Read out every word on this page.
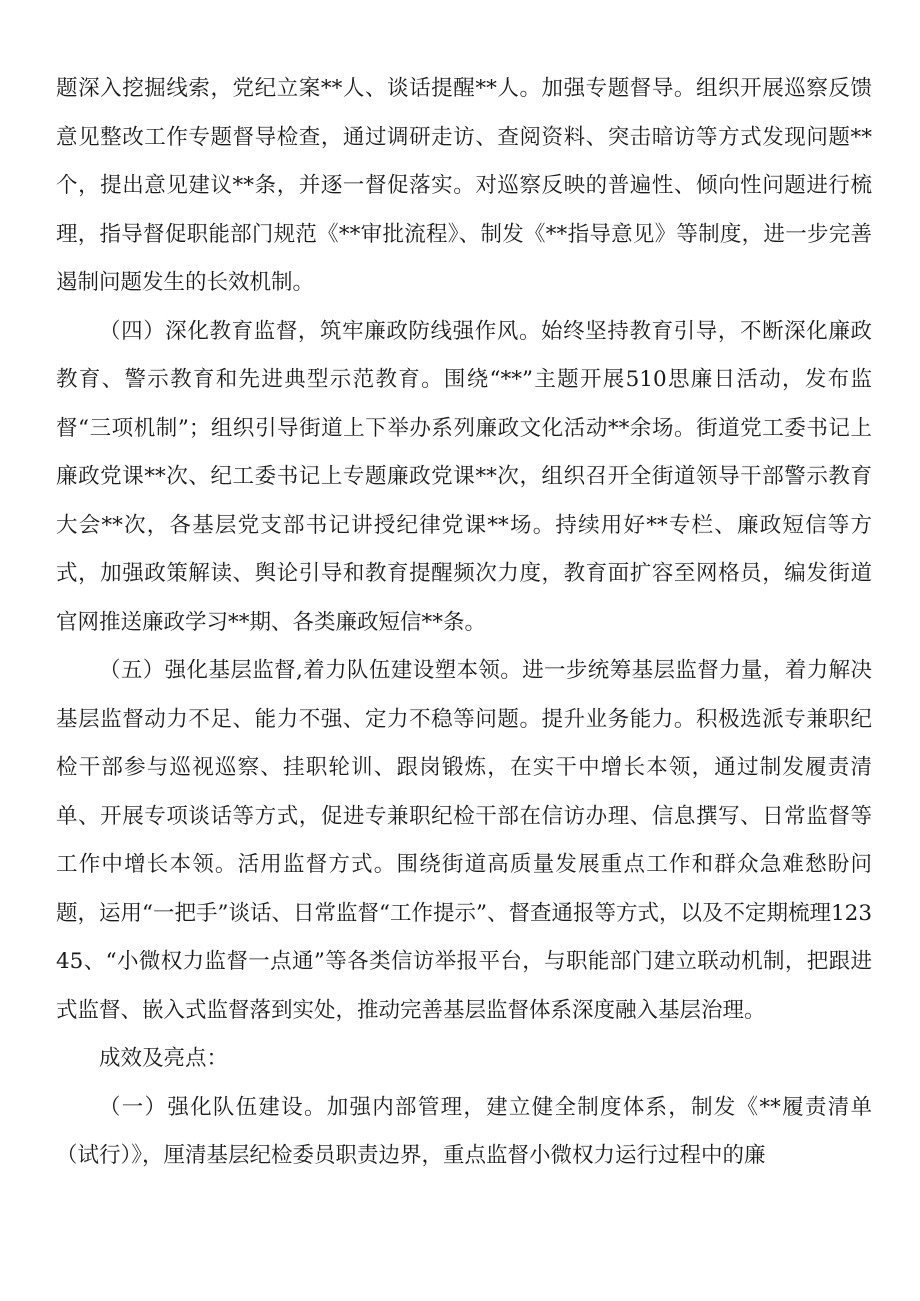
题深入挖掘线索，党纪立案**人、谈话提醒**人。加强专题督导。组织开展巡察反馈意见整改工作专题督导检查，通过调研走访、查阅资料、突击暗访等方式发现问题**个，提出意见建议**条，并逐一督促落实。对巡察反映的普遍性、倾向性问题进行梳理，指导督促职能部门规范《**审批流程》、制发《**指导意见》等制度，进一步完善遏制问题发生的长效机制。

（四）深化教育监督，筑牢廉政防线强作风。始终坚持教育引导，不断深化廉政教育、警示教育和先进典型示范教育。围绕“**”主题开展510思廉日活动，发布监督“三项机制”；组织引导街道上下举办系列廉政文化活动**余场。街道党工委书记上廉政党课**次、纪工委书记上专题廉政党课**次，组织召开全街道领导干部警示教育大会**次，各基层党支部书记讲授纪律党课**场。持续用好**专栏、廉政短信等方式，加强政策解读、舆论引导和教育提醒频次力度，教育面扩容至网格员，编发街道官网推送廉政学习**期、各类廉政短信**条。

（五）强化基层监督,着力队伍建设塑本领。进一步统筹基层监督力量，着力解决基层监督动力不足、能力不强、定力不稳等问题。提升业务能力。积极选派专兼职纪检干部参与巡视巡察、挂职轮训、跟岗锻炼，在实干中增长本领，通过制发履责清单、开展专项谈话等方式，促进专兼职纪检干部在信访办理、信息撰写、日常监督等工作中增长本领。活用监督方式。围绕街道高质量发展重点工作和群众急难愁盼问题，运用“一把手”谈话、日常监督“工作提示”、督查通报等方式，以及不定期梳理12345、“小微权力监督一点通”等各类信访举报平台，与职能部门建立联动机制，把跟进式监督、嵌入式监督落到实处，推动完善基层监督体系深度融入基层治理。

成效及亮点：

（一）强化队伍建设。加强内部管理，建立健全制度体系，制发《**履责清单（试行）》，厘清基层纪检委员职责边界，重点监督小微权力运行过程中的廉
